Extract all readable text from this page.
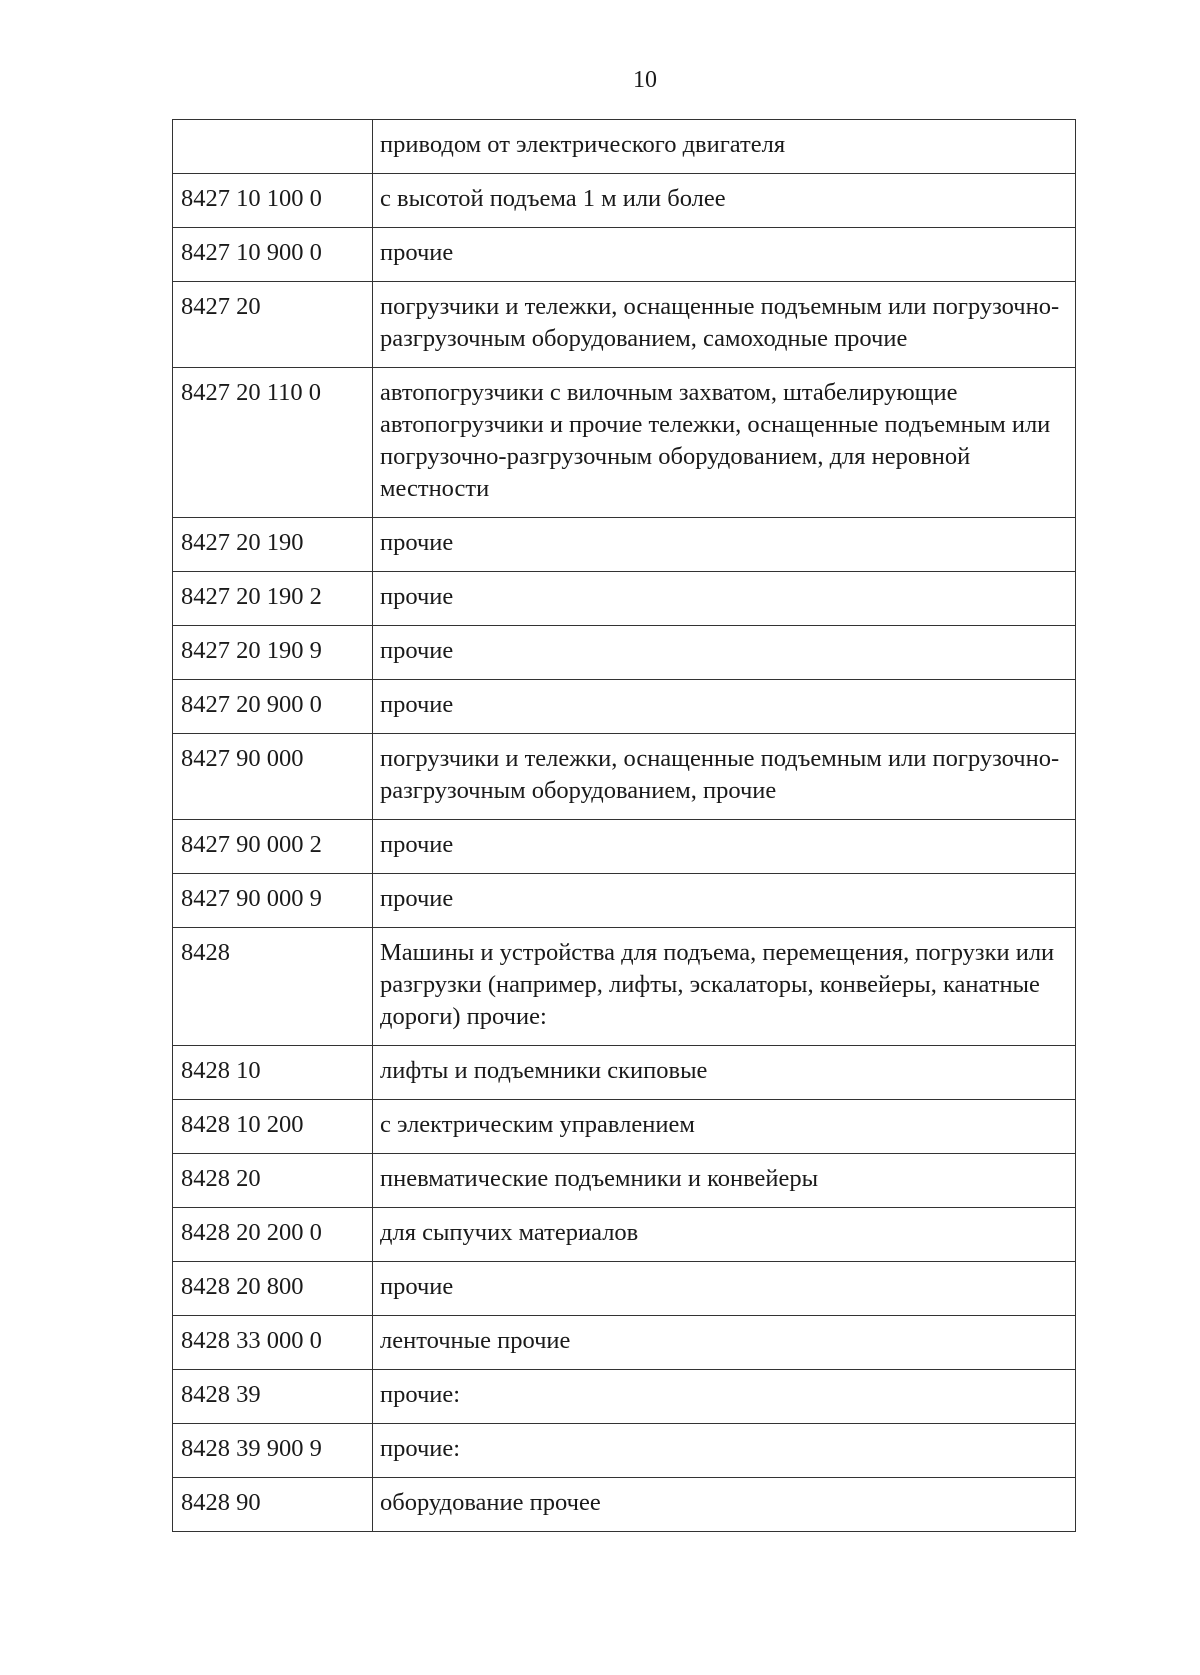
10
	приводом от электрического двигателя
8427 10 100 0	с высотой подъема 1 м или более
8427 10 900 0	прочие
8427 20	погрузчики и тележки, оснащенные подъемным или погрузочно-разгрузочным оборудованием, самоходные прочие
8427 20 110 0	автопогрузчики с вилочным захватом, штабелирующие автопогрузчики и прочие тележки, оснащенные подъемным или погрузочно-разгрузочным оборудованием, для неровной местности
8427 20 190	прочие
8427 20 190 2	прочие
8427 20 190 9	прочие
8427 20 900 0	прочие
8427 90 000	погрузчики и тележки, оснащенные подъемным или погрузочно-разгрузочным оборудованием, прочие
8427 90 000 2	прочие
8427 90 000 9	прочие
8428	Машины и устройства для подъема, перемещения, погрузки или разгрузки (например, лифты, эскалаторы, конвейеры, канатные дороги) прочие:
8428 10	лифты и подъемники скиповые
8428 10 200	с электрическим управлением
8428 20	пневматические подъемники и конвейеры
8428 20 200 0	для сыпучих материалов
8428 20 800	прочие
8428 33 000 0	ленточные прочие
8428 39	прочие:
8428 39 900 9	прочие:
8428 90	оборудование прочее
